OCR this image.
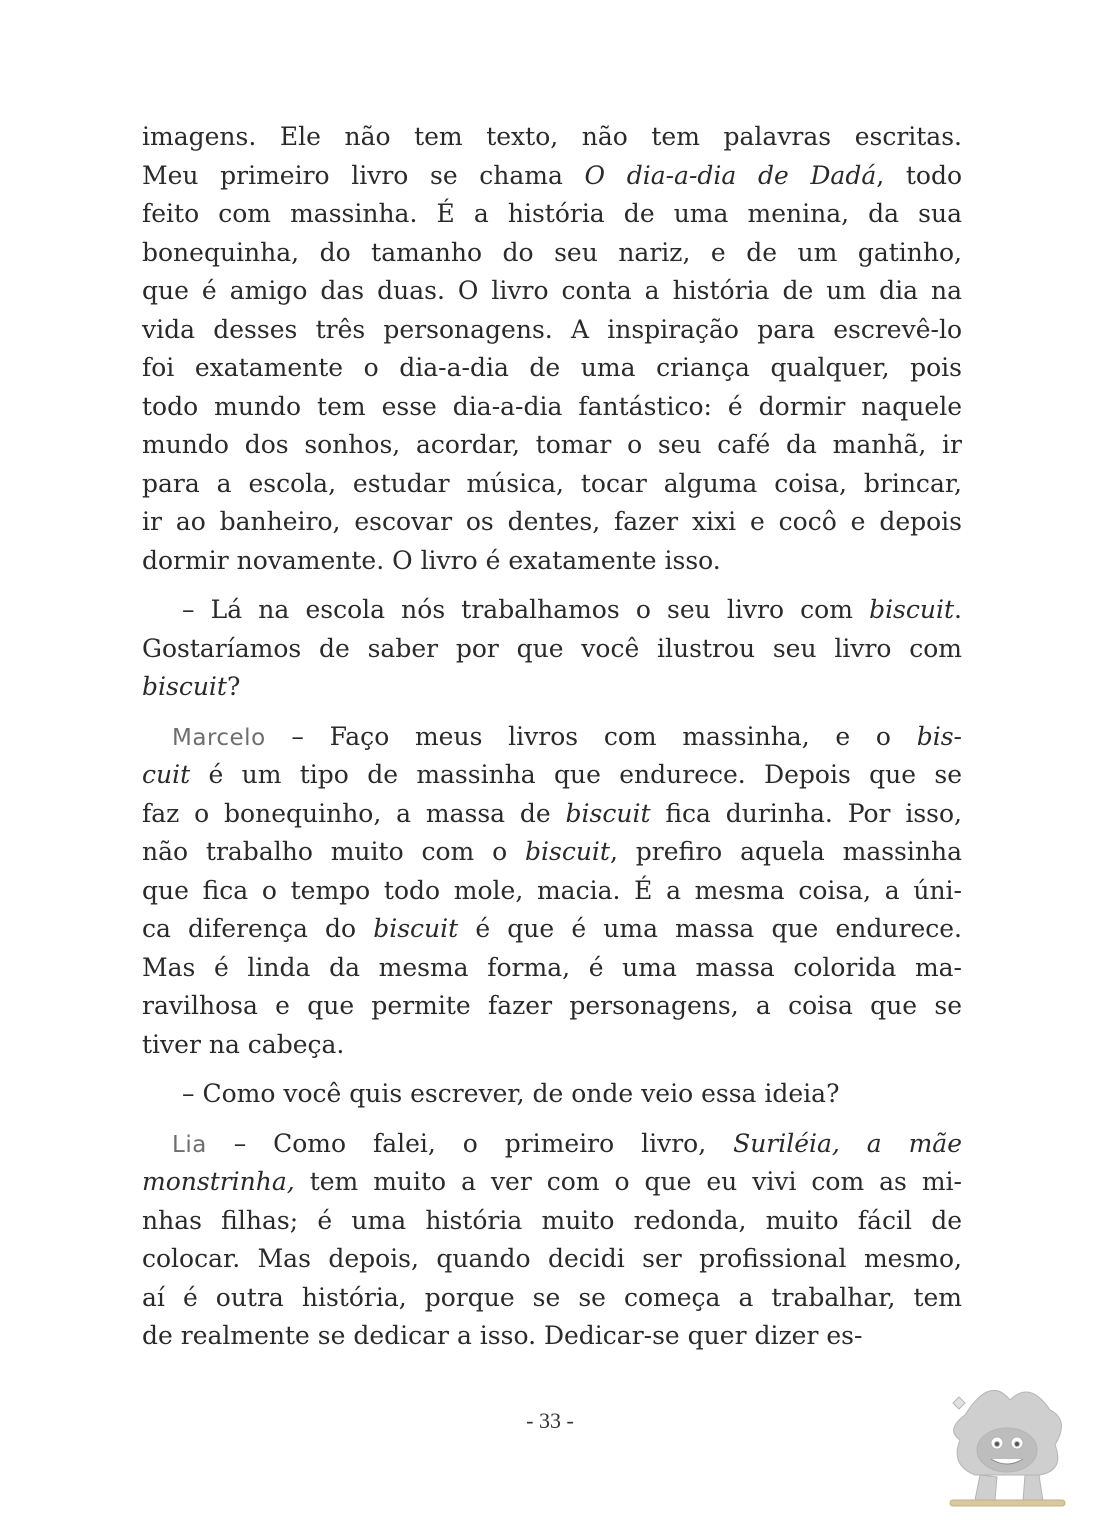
imagens. Ele não tem texto, não tem palavras escritas.
Meu primeiro livro se chama O dia-a-dia de Dadá, todo
feito com massinha. É a história de uma menina, da sua
bonequinha, do tamanho do seu nariz, e de um gatinho,
que é amigo das duas. O livro conta a história de um dia na
vida desses três personagens. A inspiração para escrevê-lo
foi exatamente o dia-a-dia de uma criança qualquer, pois
todo mundo tem esse dia-a-dia fantástico: é dormir naquele
mundo dos sonhos, acordar, tomar o seu café da manhã, ir
para a escola, estudar música, tocar alguma coisa, brincar,
ir ao banheiro, escovar os dentes, fazer xixi e cocô e depois
dormir novamente. O livro é exatamente isso.
– Lá na escola nós trabalhamos o seu livro com biscuit.
Gostaríamos de saber por que você ilustrou seu livro com
biscuit?
Marcelo – Faço meus livros com massinha, e o bis-
cuit é um tipo de massinha que endurece. Depois que se
faz o bonequinho, a massa de biscuit fica durinha. Por isso,
não trabalho muito com o biscuit, prefiro aquela massinha
que fica o tempo todo mole, macia. É a mesma coisa, a úni-
ca diferença do biscuit é que é uma massa que endurece.
Mas é linda da mesma forma, é uma massa colorida ma-
ravilhosa e que permite fazer personagens, a coisa que se
tiver na cabeça.
– Como você quis escrever, de onde veio essa ideia?
Lia – Como falei, o primeiro livro, Suriléia, a mãe
monstrinha, tem muito a ver com o que eu vivi com as mi-
nhas filhas; é uma história muito redonda, muito fácil de
colocar. Mas depois, quando decidi ser profissional mesmo,
aí é outra história, porque se se começa a trabalhar, tem
de realmente se dedicar a isso. Dedicar-se quer dizer es-
- 33 -
